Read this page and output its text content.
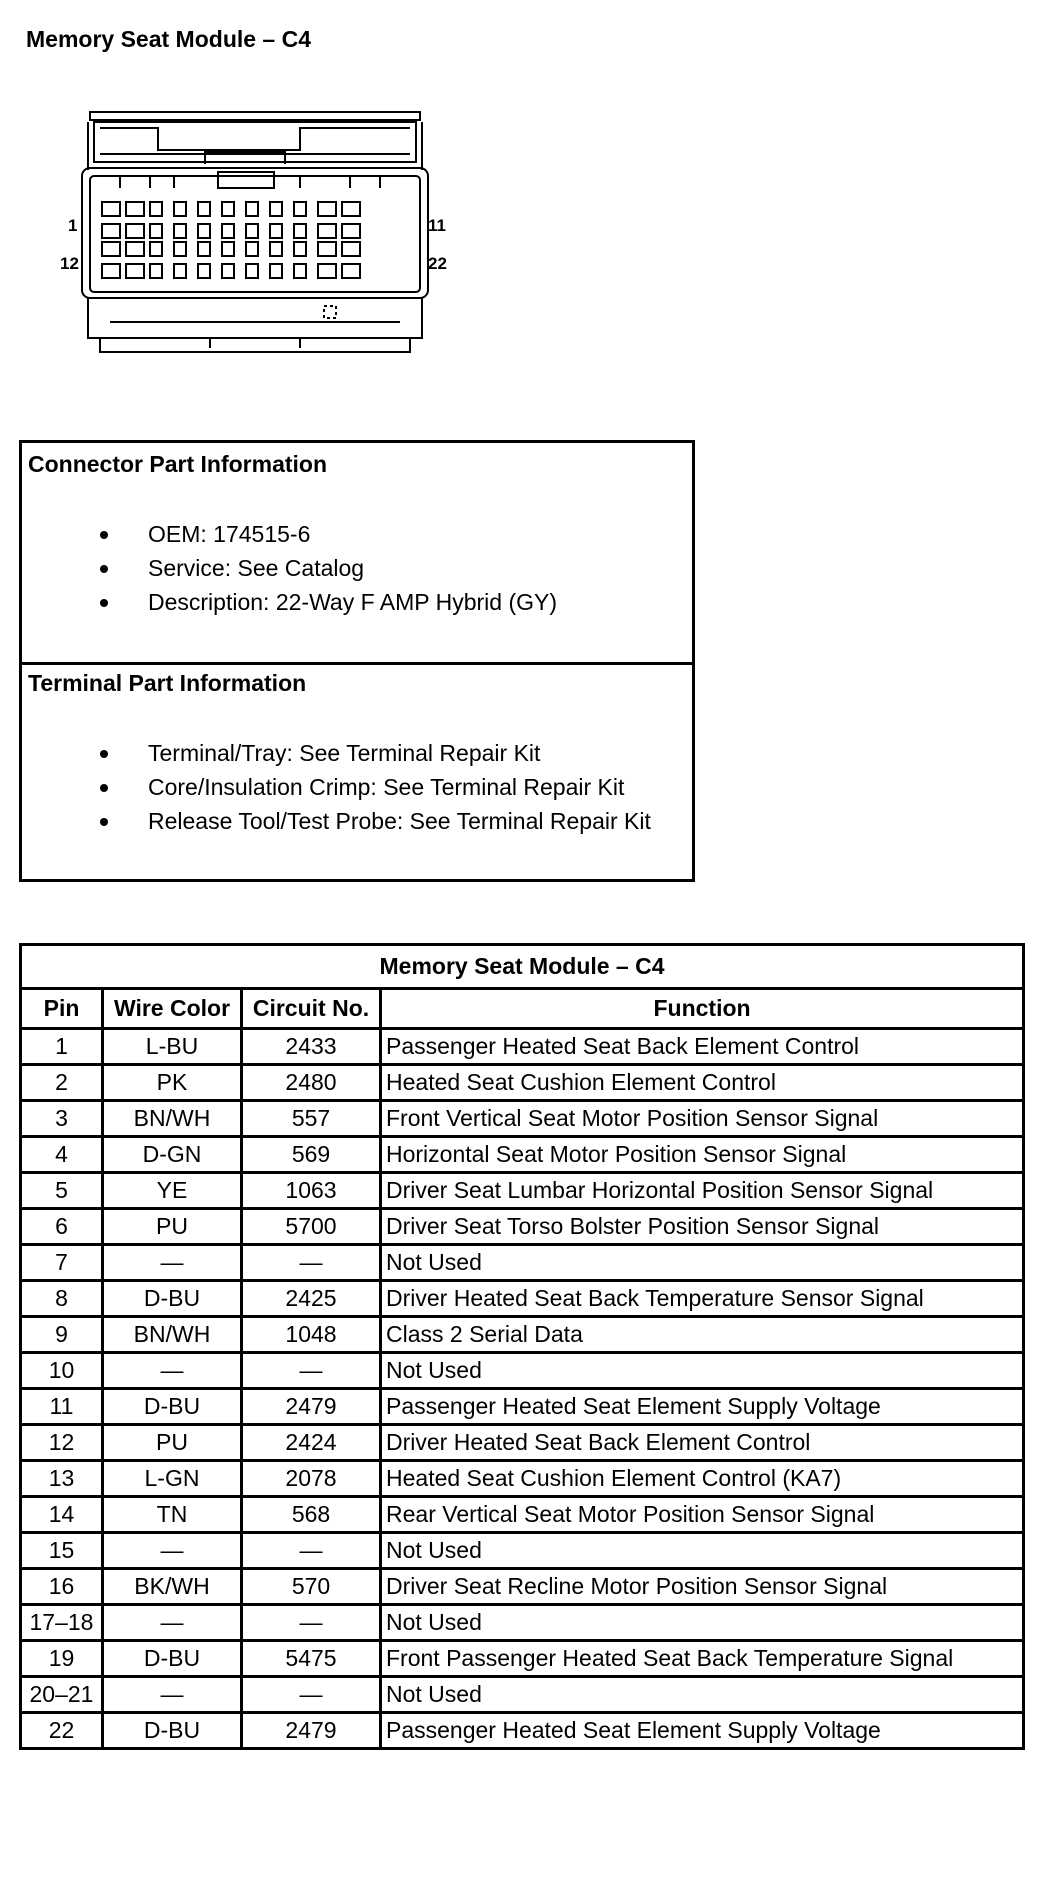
Memory Seat Module – C4
1
12
11
22
Connector Part Information
OEM: 174515-6
Service: See Catalog
Description: 22-Way F AMP Hybrid (GY)
Terminal Part Information
Terminal/Tray: See Terminal Repair Kit
Core/Insulation Crimp: See Terminal Repair Kit
Release Tool/Test Probe: See Terminal Repair Kit
Memory Seat Module – C4			
Pin	Wire Color	Circuit No.	Function
1	L-BU	2433	Passenger Heated Seat Back Element Control
2	PK	2480	Heated Seat Cushion Element Control
3	BN/WH	557	Front Vertical Seat Motor Position Sensor Signal
4	D-GN	569	Horizontal Seat Motor Position Sensor Signal
5	YE	1063	Driver Seat Lumbar Horizontal Position Sensor Signal
6	PU	5700	Driver Seat Torso Bolster Position Sensor Signal
7	—	—	Not Used
8	D-BU	2425	Driver Heated Seat Back Temperature Sensor Signal
9	BN/WH	1048	Class 2 Serial Data
10	—	—	Not Used
11	D-BU	2479	Passenger Heated Seat Element Supply Voltage
12	PU	2424	Driver Heated Seat Back Element Control
13	L-GN	2078	Heated Seat Cushion Element Control (KA7)
14	TN	568	Rear Vertical Seat Motor Position Sensor Signal
15	—	—	Not Used
16	BK/WH	570	Driver Seat Recline Motor Position Sensor Signal
17–18	—	—	Not Used
19	D-BU	5475	Front Passenger Heated Seat Back Temperature Signal
20–21	—	—	Not Used
22	D-BU	2479	Passenger Heated Seat Element Supply Voltage
